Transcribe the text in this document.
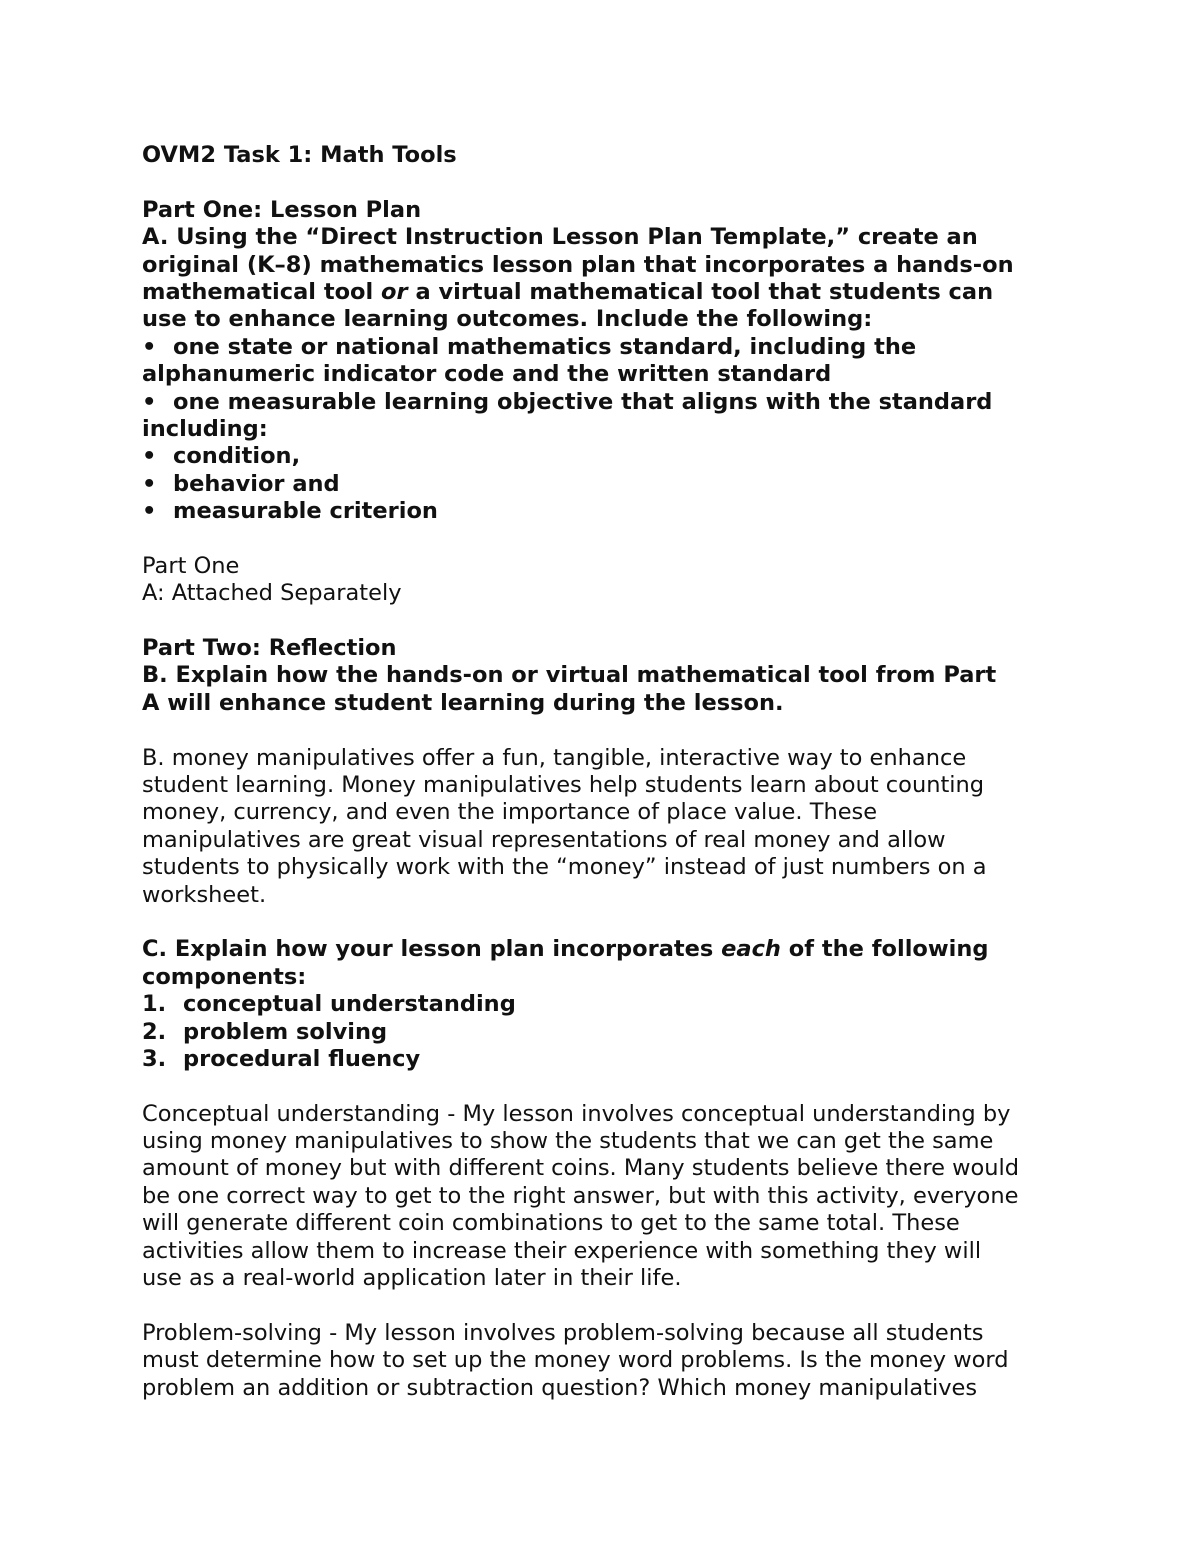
OVM2 Task 1: Math Tools
Part One: Lesson Plan
A. Using the “Direct Instruction Lesson Plan Template,” create an
original (K–8) mathematics lesson plan that incorporates a hands-on
mathematical tool or a virtual mathematical tool that students can
use to enhance learning outcomes. Include the following:
• one state or national mathematics standard, including the
alphanumeric indicator code and the written standard
• one measurable learning objective that aligns with the standard
including:
• condition,
• behavior and
• measurable criterion
Part One
A: Attached Separately
Part Two: Reflection
B. Explain how the hands-on or virtual mathematical tool from Part
A will enhance student learning during the lesson.
B. money manipulatives offer a fun, tangible, interactive way to enhance
student learning. Money manipulatives help students learn about counting
money, currency, and even the importance of place value. These
manipulatives are great visual representations of real money and allow
students to physically work with the “money” instead of just numbers on a
worksheet.
C. Explain how your lesson plan incorporates each of the following
components:
1. conceptual understanding
2. problem solving
3. procedural fluency
Conceptual understanding - My lesson involves conceptual understanding by
using money manipulatives to show the students that we can get the same
amount of money but with different coins. Many students believe there would
be one correct way to get to the right answer, but with this activity, everyone
will generate different coin combinations to get to the same total. These
activities allow them to increase their experience with something they will
use as a real-world application later in their life.
Problem-solving - My lesson involves problem-solving because all students
must determine how to set up the money word problems. Is the money word
problem an addition or subtraction question? Which money manipulatives
